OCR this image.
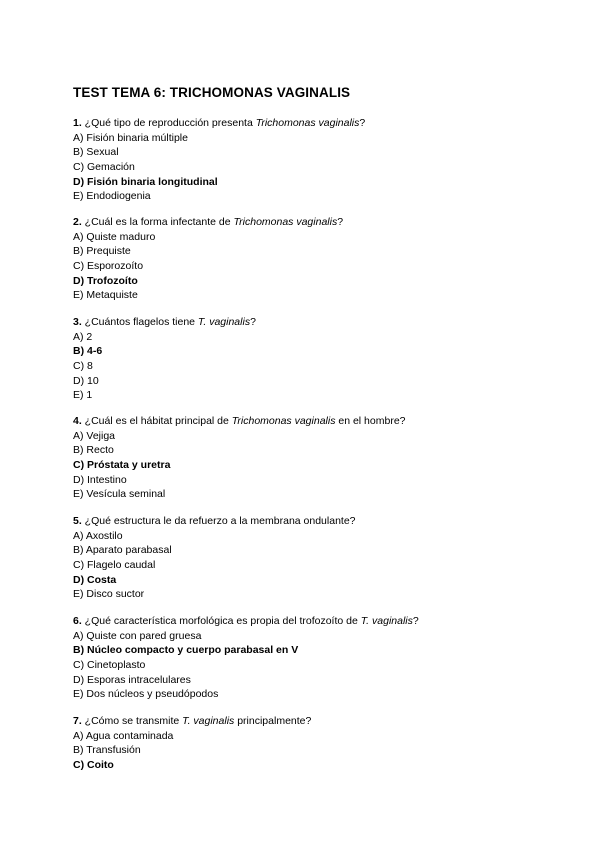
TEST TEMA 6: TRICHOMONAS VAGINALIS
1. ¿Qué tipo de reproducción presenta Trichomonas vaginalis?
A) Fisión binaria múltiple
B) Sexual
C) Gemación
D) Fisión binaria longitudinal
E) Endodiogenia
2. ¿Cuál es la forma infectante de Trichomonas vaginalis?
A) Quiste maduro
B) Prequiste
C) Esporozoíto
D) Trofozoíto
E) Metaquiste
3. ¿Cuántos flagelos tiene T. vaginalis?
A) 2
B) 4-6
C) 8
D) 10
E) 1
4. ¿Cuál es el hábitat principal de Trichomonas vaginalis en el hombre?
A) Vejiga
B) Recto
C) Próstata y uretra
D) Intestino
E) Vesícula seminal
5. ¿Qué estructura le da refuerzo a la membrana ondulante?
A) Axostilo
B) Aparato parabasal
C) Flagelo caudal
D) Costa
E) Disco suctor
6. ¿Qué característica morfológica es propia del trofozoíto de T. vaginalis?
A) Quiste con pared gruesa
B) Núcleo compacto y cuerpo parabasal en V
C) Cinetoplasto
D) Esporas intracelulares
E) Dos núcleos y pseudópodos
7. ¿Cómo se transmite T. vaginalis principalmente?
A) Agua contaminada
B) Transfusión
C) Coito
